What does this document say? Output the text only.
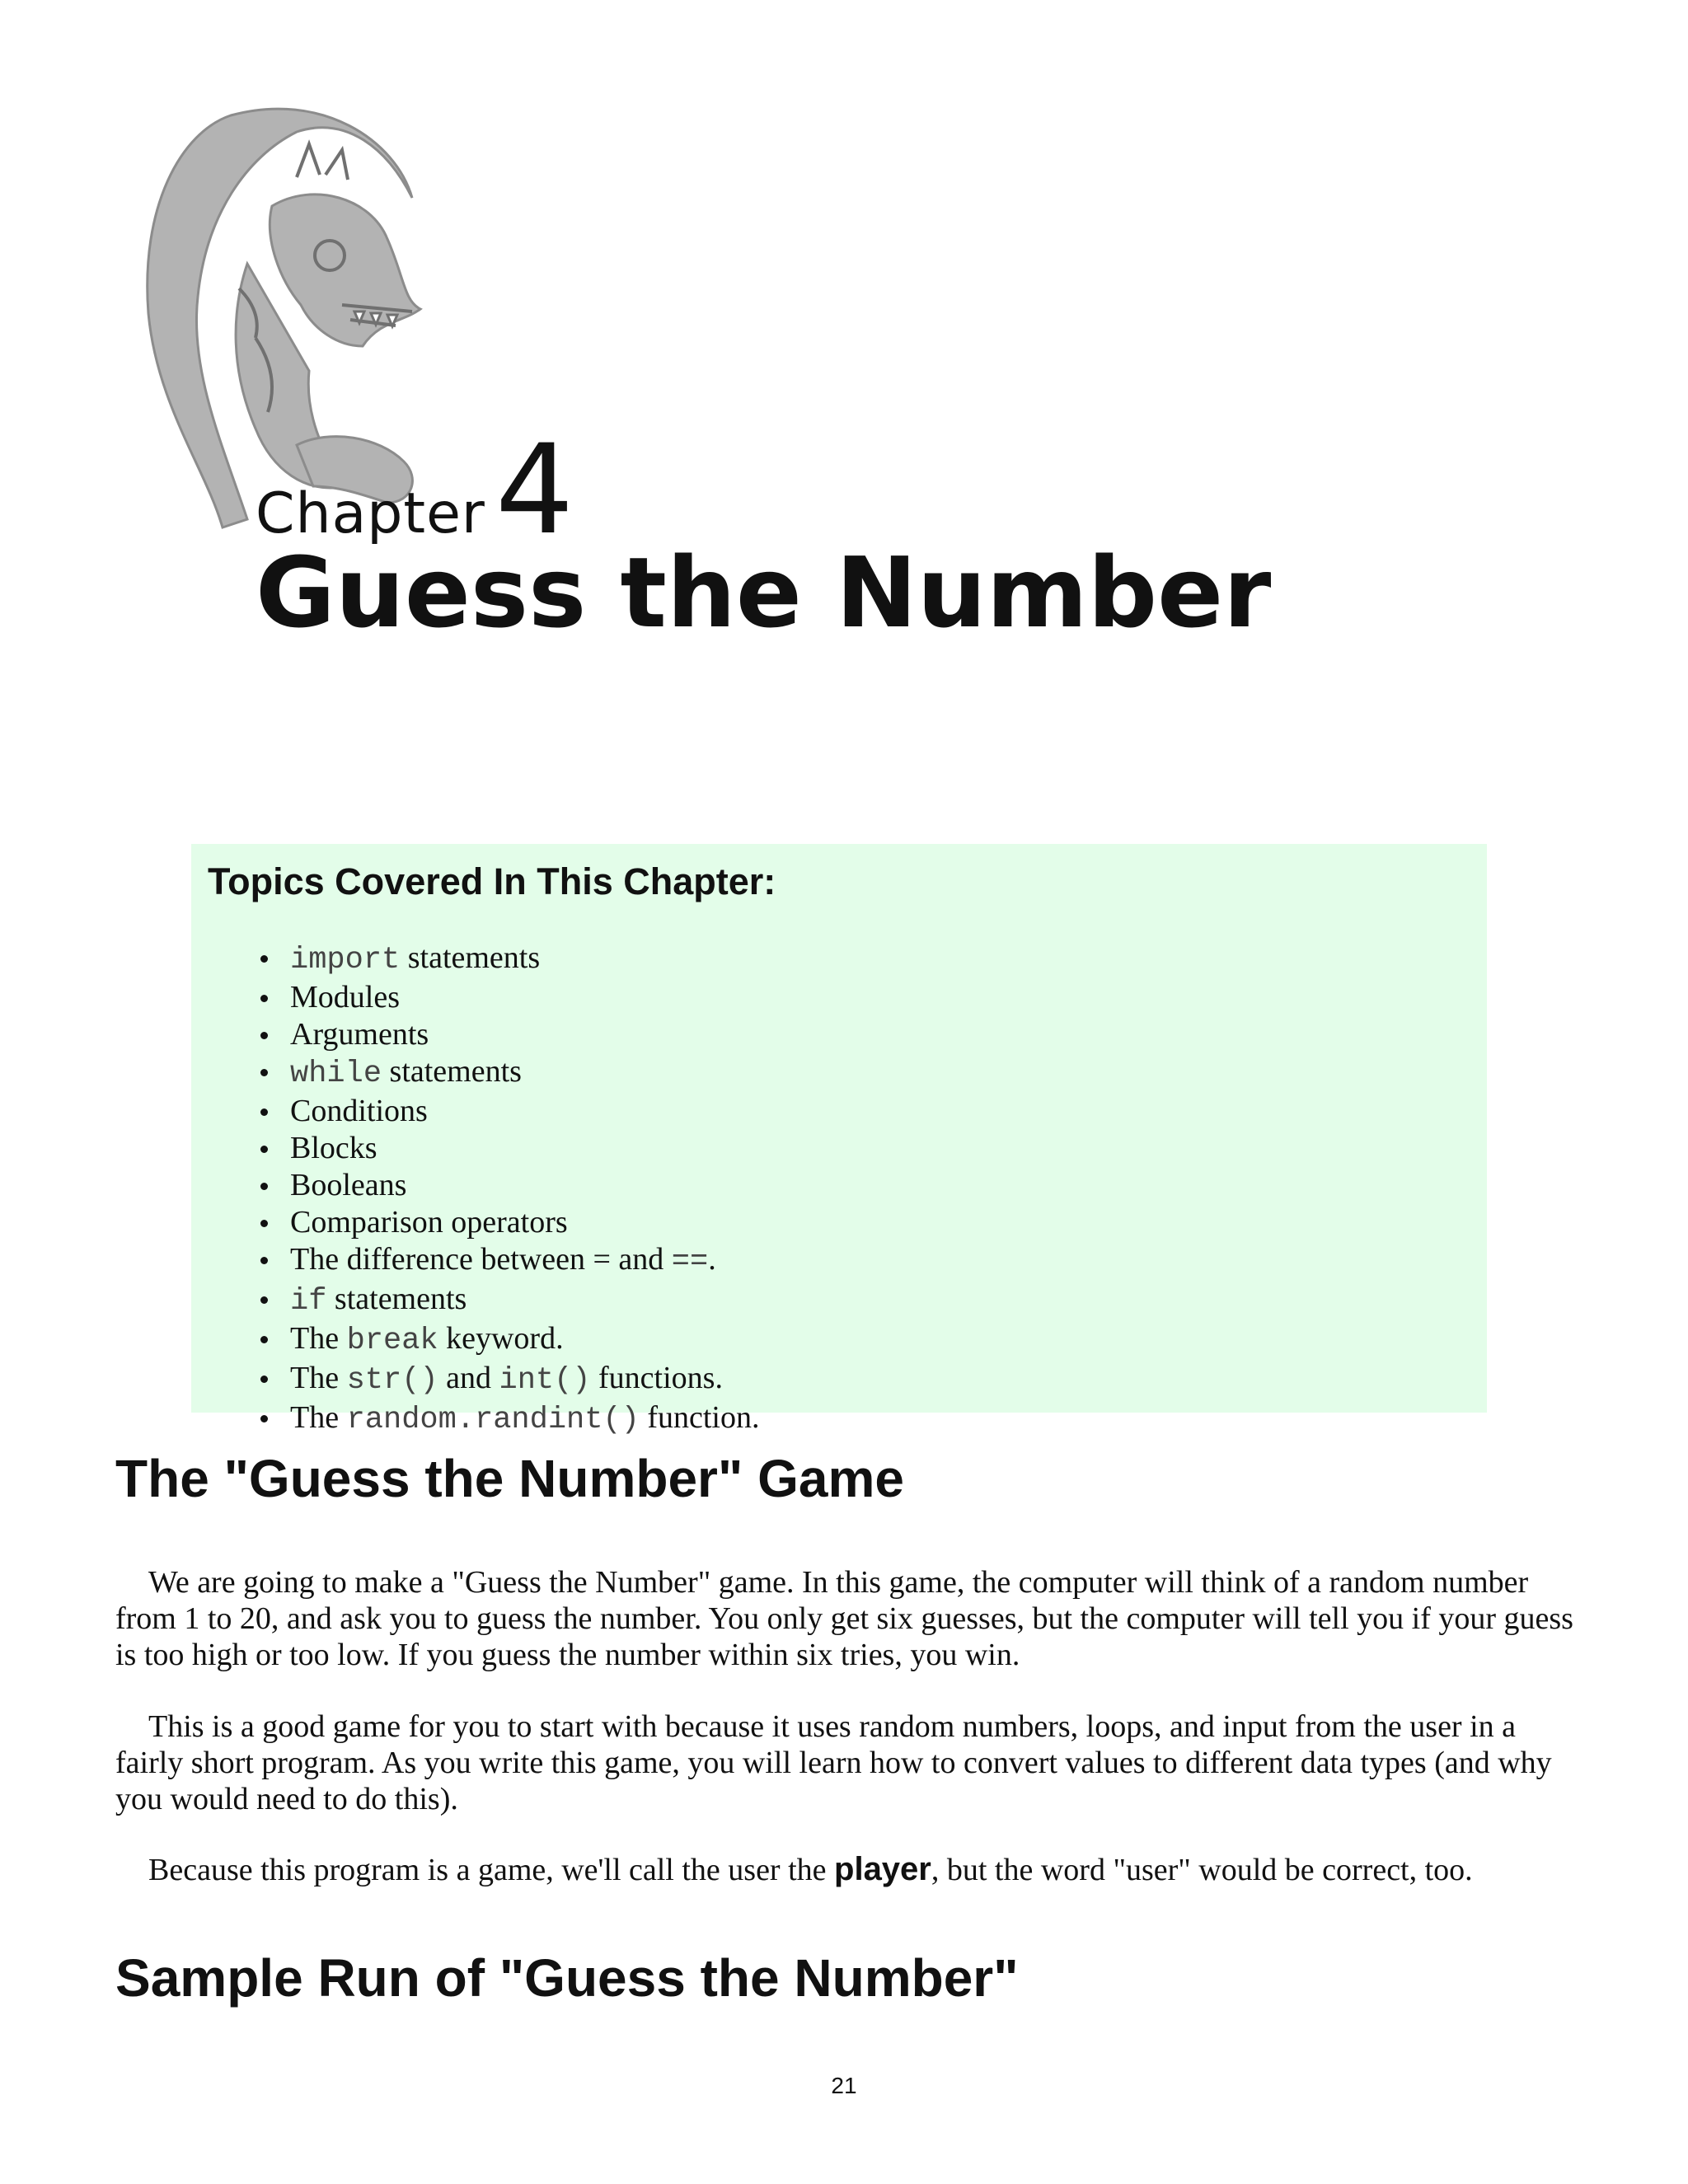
Chapter4
Guess the Number
Topics Covered In This Chapter:
import statements
Modules
Arguments
while statements
Conditions
Blocks
Booleans
Comparison operators
The difference between = and ==.
if statements
The break keyword.
The str() and int() functions.
The random.randint() function.
The "Guess the Number" Game

We are going to make a "Guess the Number" game. In this game, the computer will think of a random number from 1 to 20, and ask you to guess the number. You only get six guesses, but the computer will tell you if your guess is too high or too low. If you guess the number within six tries, you win.

This is a good game for you to start with because it uses random numbers, loops, and input from the user in a fairly short program. As you write this game, you will learn how to convert values to different data types (and why you would need to do this).

Because this program is a game, we'll call the user the player, but the word "user" would be correct, too.

Sample Run of "Guess the Number"
21
